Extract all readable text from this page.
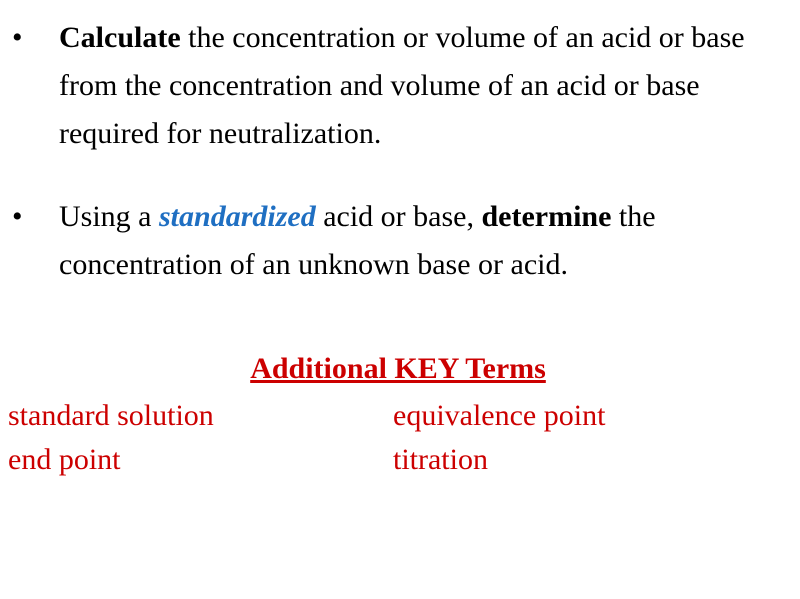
•	Calculate the concentration or volume of an acid or base from the concentration and volume of an acid or base required for neutralization.
•	Using a standardized acid or base, determine the concentration of an unknown base or acid.
Additional KEY Terms
standard solution	equivalence point
end point	titration
